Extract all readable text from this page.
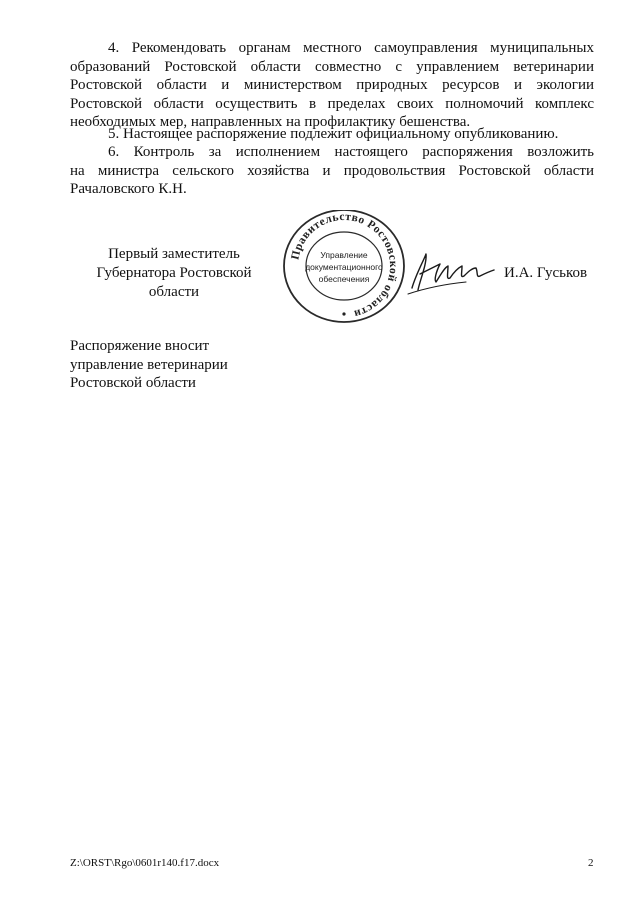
4. Рекомендовать органам местного самоуправления муниципальных
образований Ростовской области совместно с управлением ветеринарии
Ростовской области и министерством природных ресурсов и экологии
Ростовской области осуществить в пределах своих полномочий комплекс
необходимых мер, направленных на профилактику бешенства.
5. Настоящее распоряжение подлежит официальному опубликованию.
6. Контроль за исполнением настоящего распоряжения возложить
на министра сельского хозяйства и продовольствия Ростовской области
Рачаловского К.Н.
Первый заместитель
Губернатора Ростовской области
Правительство Ростовской области
Управление
документационного
обеспечения	И.А. Гуськов
Распоряжение вносит
управление ветеринарии
Ростовской области
Z:\ORST\Rgo\0601r140.f17.docx	2
